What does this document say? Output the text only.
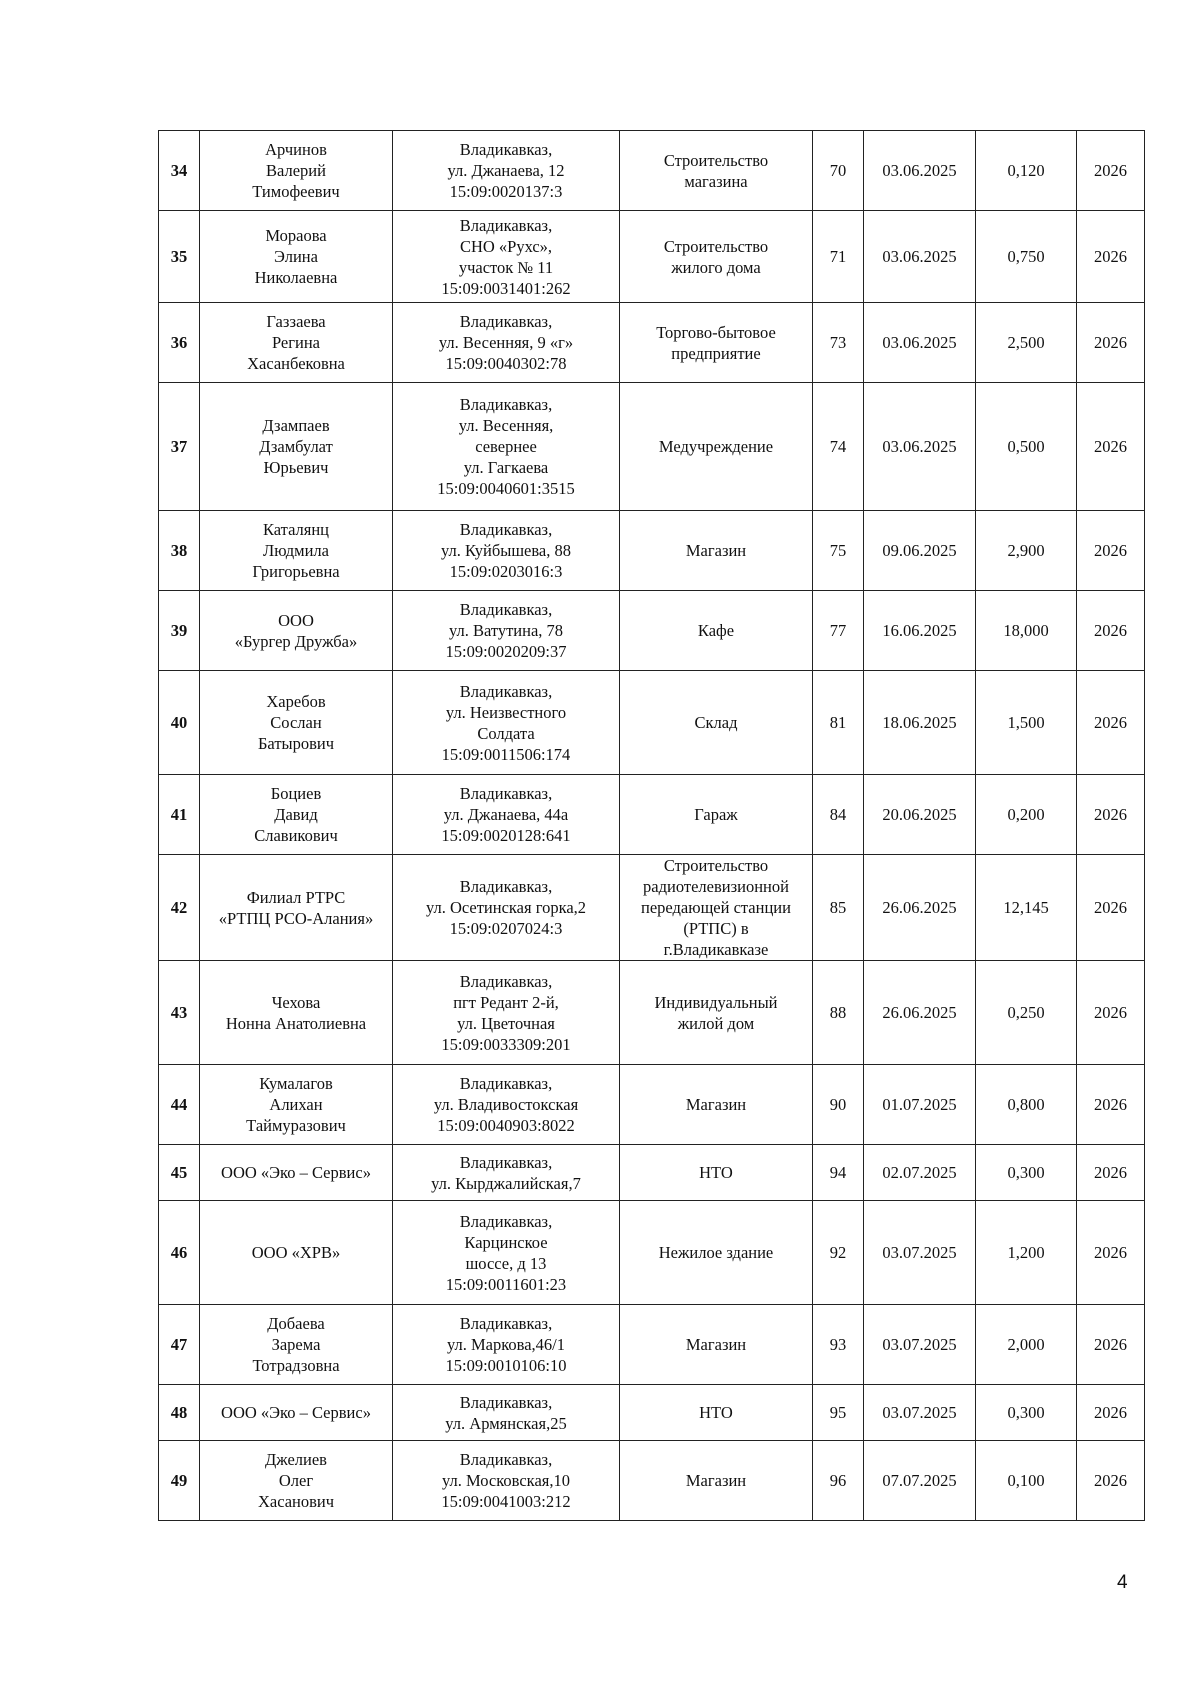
34	Арчинов
Валерий
Тимофеевич	Владикавказ,
ул. Джанаева, 12
15:09:0020137:3	Строительство
магазина	70	03.06.2025	0,120	2026
35	Мораова
Элина
Николаевна	Владикавказ,
СНО «Рухс»,
участок № 11
15:09:0031401:262	Строительство
жилого дома	71	03.06.2025	0,750	2026
36	Газзаева
Регина
Хасанбековна	Владикавказ,
ул. Весенняя, 9 «г»
15:09:0040302:78	Торгово-бытовое
предприятие	73	03.06.2025	2,500	2026
37	Дзампаев
Дзамбулат
Юрьевич	Владикавказ,
ул. Весенняя,
севернее
ул. Гагкаева
15:09:0040601:3515	Медучреждение	74	03.06.2025	0,500	2026
38	Каталянц
Людмила
Григорьевна	Владикавказ,
ул. Куйбышева, 88
15:09:0203016:3	Магазин	75	09.06.2025	2,900	2026
39	ООО
«Бургер Дружба»	Владикавказ,
ул. Ватутина, 78
15:09:0020209:37	Кафе	77	16.06.2025	18,000	2026
40	Харебов
Сослан
Батырович	Владикавказ,
ул. Неизвестного
Солдата
15:09:0011506:174	Склад	81	18.06.2025	1,500	2026
41	Боциев
Давид
Славикович	Владикавказ,
ул. Джанаева, 44а
15:09:0020128:641	Гараж	84	20.06.2025	0,200	2026
42	Филиал РТРС
«РТПЦ РСО-Алания»	Владикавказ,
ул. Осетинская горка,2
15:09:0207024:3	Строительство
радиотелевизионной
передающей станции
(РТПС) в
г.Владикавказе	85	26.06.2025	12,145	2026
43	Чехова
Нонна Анатолиевна	Владикавказ,
пгт Редант 2-й,
ул. Цветочная
15:09:0033309:201	Индивидуальный
жилой дом	88	26.06.2025	0,250	2026
44	Кумалагов
Алихан
Таймуразович	Владикавказ,
ул. Владивостокская
15:09:0040903:8022	Магазин	90	01.07.2025	0,800	2026
45	ООО «Эко – Сервис»	Владикавказ,
ул. Кырджалийская,7	НТО	94	02.07.2025	0,300	2026
46	ООО «ХРВ»	Владикавказ,
Карцинское
шоссе, д 13
15:09:0011601:23	Нежилое здание	92	03.07.2025	1,200	2026
47	Добаева
Зарема
Тотрадзовна	Владикавказ,
ул. Маркова,46/1
15:09:0010106:10	Магазин	93	03.07.2025	2,000	2026
48	ООО «Эко – Сервис»	Владикавказ,
ул. Армянская,25	НТО	95	03.07.2025	0,300	2026
49	Джелиев
Олег
Хасанович	Владикавказ,
ул. Московская,10
15:09:0041003:212	Магазин	96	07.07.2025	0,100	2026
4
